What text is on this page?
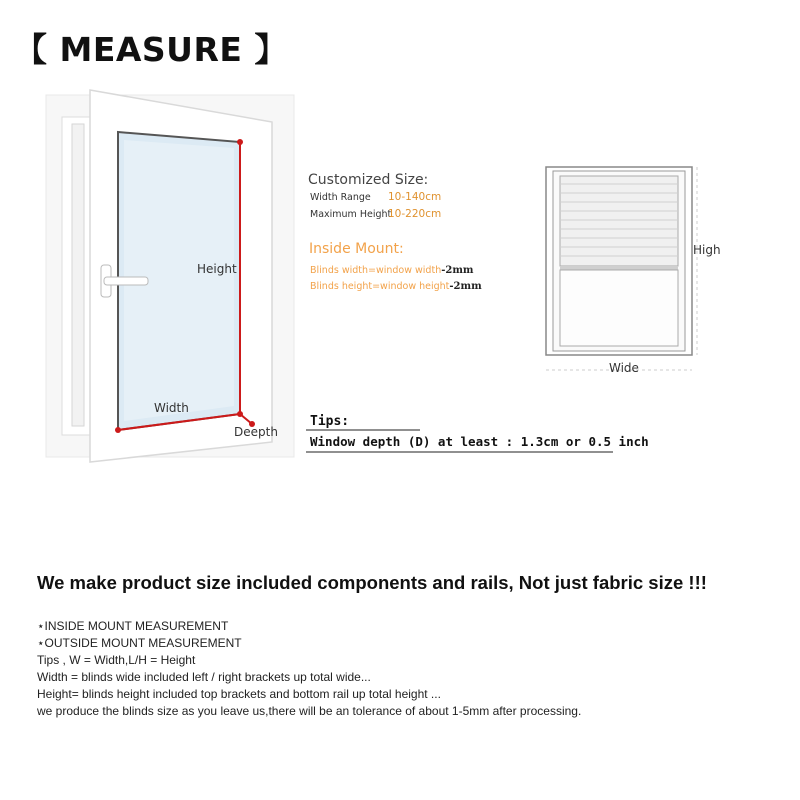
【 MEASURE 】
Height
Width
Deepth
High
Wide
Customized Size:
Width Range 10-140cm
Maximum Height
10-220cm
Inside Mount:
Blinds width=window width-2mm
Blinds height=window height-2mm
Tips:
Window depth (D) at least : 1.3cm or 0.5 inch
We make product size included components and rails, Not just fabric size !!!
⋆INSIDE MOUNT MEASUREMENT
⋆OUTSIDE MOUNT MEASUREMENT
Tips , W = Width,L/H = Height
Width = blinds wide included left / right brackets up total wide...
Height= blinds height included top brackets and bottom rail up total height ...
we produce the blinds size as you leave us,there will be an tolerance of about 1-5mm after processing.
